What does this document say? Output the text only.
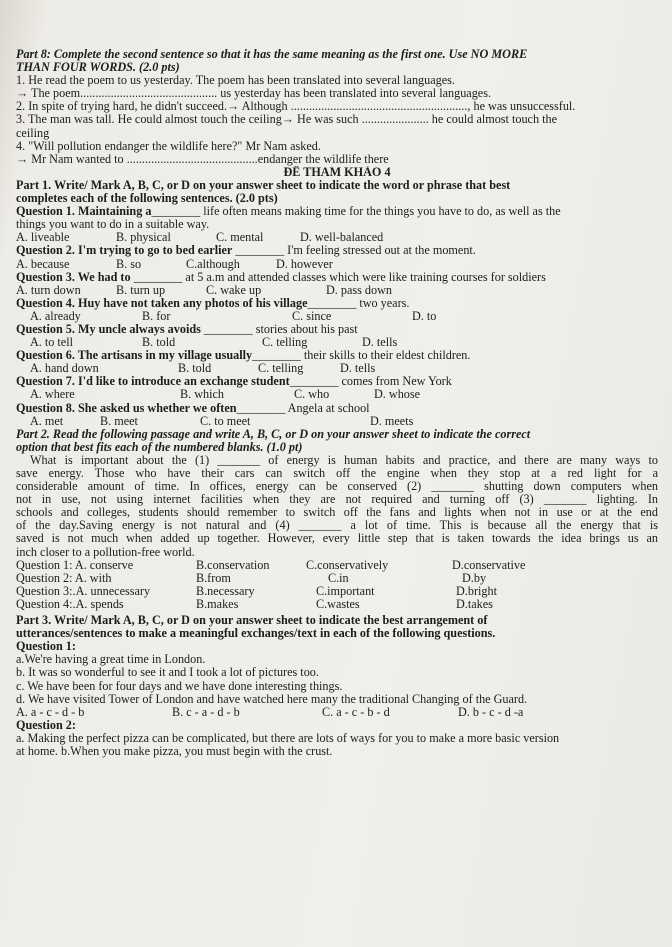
Part 8: Complete the second sentence so that it has the same meaning as the first one. Use NO MORE
THAN FOUR WORDS. (2.0 pts)
1. He read the poem to us yesterday. The poem has been translated into several languages.
→ The poem............................................. us yesterday has been translated into several languages.
2. In spite of trying hard, he didn't succeed.→ Although .........................................................., he was unsuccessful.
3. The man was tall. He could almost touch the ceiling→ He was such ...................... he could almost touch the
ceiling
4. "Will pollution endanger the wildlife here?" Mr Nam asked.
→ Mr Nam wanted to ...........................................endanger the wildlife there
ĐỀ THAM KHẢO 4
Part 1. Write/ Mark A, B, C, or D on your answer sheet to indicate the word or phrase that best
completes each of the following sentences. (2.0 pts)
Question 1. Maintaining a________ life often means making time for the things you have to do, as well as the
things you want to do in a suitable way.
A. liveable	B. physical	C. mental	D. well-balanced
Question 2. I'm trying to go to bed earlier ________ I'm feeling stressed out at the moment.
A. because	B. so	C.although	D. however
Question 3. We had to ________ at 5 a.m and attended classes which were like training courses for soldiers
A. turn down	B. turn up	C. wake up	D. pass down
Question 4. Huy have not taken any photos of his village________ two years.
A. already	B. for	C. since	D. to
Question 5. My uncle always avoids ________ stories about his past
A. to tell	B. told	C. telling	D. tells
Question 6. The artisans in my village usually________ their skills to their eldest children.
A. hand down	B. told	C. telling	D. tells
Question 7. I'd like to introduce an exchange student________ comes from New York
A. where	B. which	C. who	D. whose
Question 8. She asked us whether we often________ Angela at school
A. met	B. meet	C. to meet	D. meets
Part 2. Read the following passage and write A, B, C, or D on your answer sheet to indicate the correct
option that best fits each of the numbered blanks. (1.0 pt)
What is important about the (1) _______ of energy is human habits and practice, and there are many ways to
save energy. Those who have their cars can switch off the engine when they stop at a red light for a
considerable amount of time. In offices, energy can be conserved (2) _______ shutting down computers when
not in use, not using internet facilities when they are not required and turning off (3) _______ lighting. In
schools and colleges, students should remember to switch off the fans and lights when not in use or at the end
of the day.Saving energy is not natural and (4) _______ a lot of time. This is because all the energy that is
saved is not much when added up together. However, every little step that is taken towards the idea brings us an
inch closer to a pollution-free world.
Question 1: A. conserve	B.conservation	C.conservatively	D.conservative
Question 2: A. with	B.from	C.in	D.by
Question 3:.A. unnecessary	B.necessary	C.important	D.bright
Question 4:.A. spends	B.makes	C.wastes	D.takes
Part 3. Write/ Mark A, B, C, or D on your answer sheet to indicate the best arrangement of
utterances/sentences to make a meaningful exchanges/text in each of the following questions.
Question 1:
a.We're having a great time in London.
b. It was so wonderful to see it and I took a lot of pictures too.
c. We have been for four days and we have done interesting things.
d. We have visited Tower of London and have watched here many the traditional Changing of the Guard.
A. a - c - d - b	B. c - a - d - b	C. a - c - b - d	D. b - c - d -a
Question 2:
a. Making the perfect pizza can be complicated, but there are lots of ways for you to make a more basic version
at home. b.When you make pizza, you must begin with the crust.
